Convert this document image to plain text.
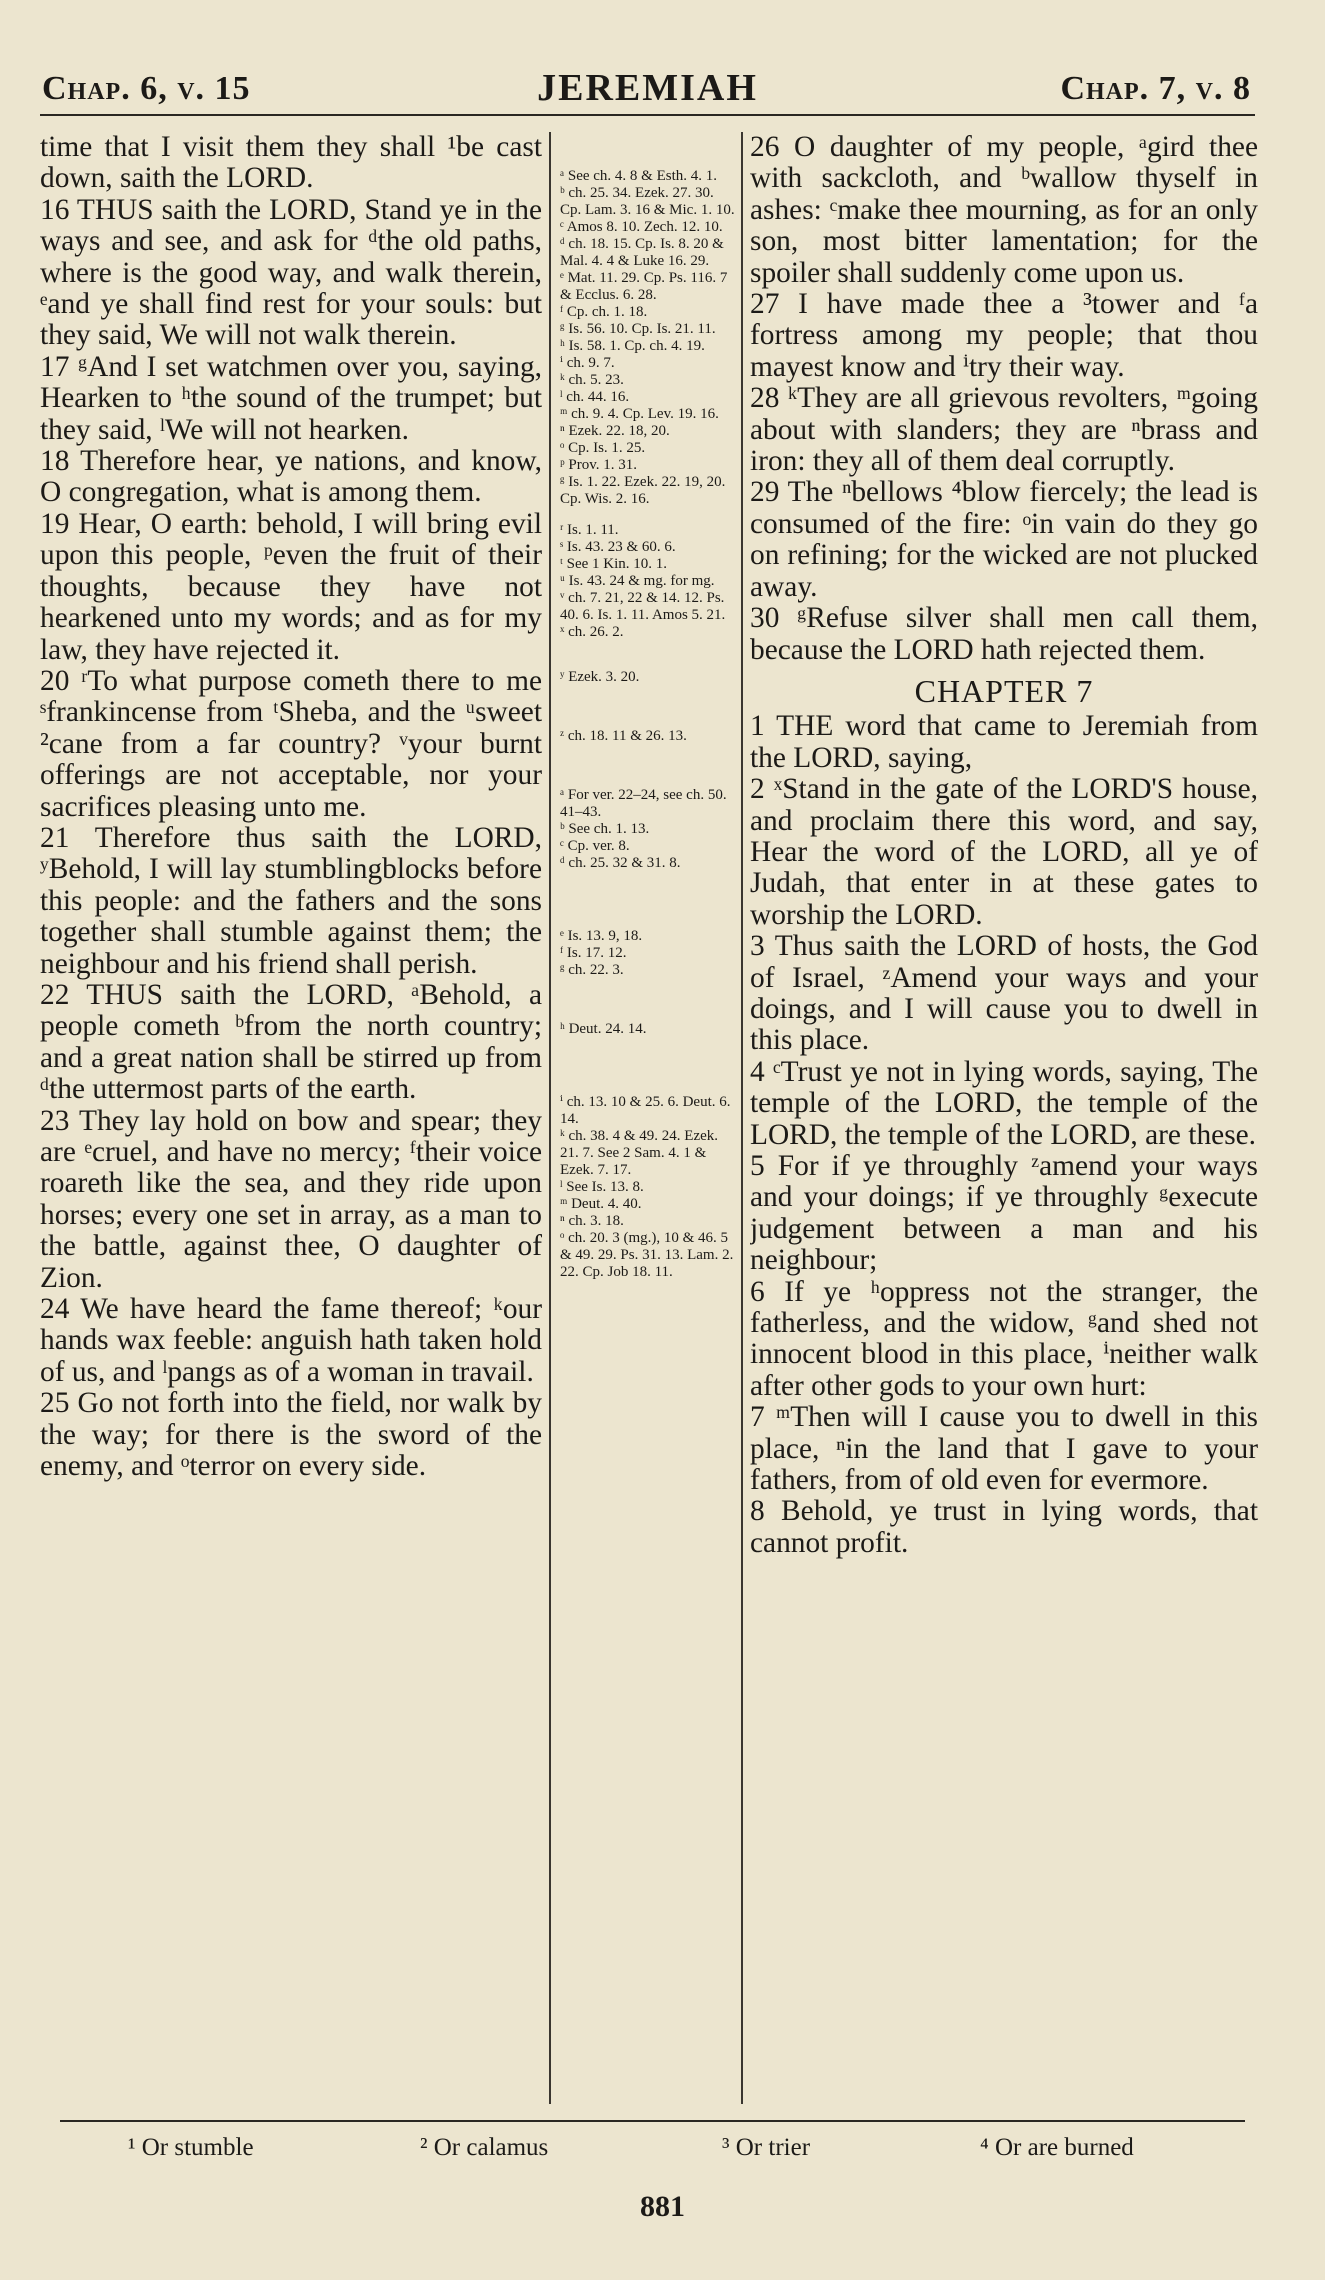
Chap. 6, v. 15	JEREMIAH	Chap. 7, v. 8

time that I visit them they shall ¹be cast down, saith the LORD.

16 THUS saith the LORD, Stand ye in the ways and see, and ask for ᵈthe old paths, where is the good way, and walk therein, ᵉand ye shall find rest for your souls: but they said, We will not walk therein.

17 ᵍAnd I set watchmen over you, saying, Hearken to ʰthe sound of the trumpet; but they said, ˡWe will not hearken.

18 Therefore hear, ye nations, and know, O congregation, what is among them.

19 Hear, O earth: behold, I will bring evil upon this people, ᵖeven the fruit of their thoughts, because they have not hearkened unto my words; and as for my law, they have rejected it.

20 ʳTo what purpose cometh there to me ˢfrankincense from ᵗSheba, and the ᵘsweet ²cane from a far country? ᵛyour burnt offerings are not acceptable, nor your sacrifices pleasing unto me.

21 Therefore thus saith the LORD, ʸBehold, I will lay stumblingblocks before this people: and the fathers and the sons together shall stumble against them; the neighbour and his friend shall perish.

22 THUS saith the LORD, ᵃBehold, a people cometh ᵇfrom the north country; and a great nation shall be stirred up from ᵈthe uttermost parts of the earth.

23 They lay hold on bow and spear; they are ᵉcruel, and have no mercy; ᶠtheir voice roareth like the sea, and they ride upon horses; every one set in array, as a man to the battle, against thee, O daughter of Zion.

24 We have heard the fame thereof; ᵏour hands wax feeble: anguish hath taken hold of us, and ˡpangs as of a woman in travail.

25 Go not forth into the field, nor walk by the way; for there is the sword of the enemy, and ᵒterror on every side.

ᵃ See ch. 4. 8 & Esth. 4. 1.
ᵇ ch. 25. 34. Ezek. 27. 30. Cp. Lam. 3. 16 & Mic. 1. 10.
ᶜ Amos 8. 10. Zech. 12. 10.
ᵈ ch. 18. 15. Cp. Is. 8. 20 & Mal. 4. 4 & Luke 16. 29.
ᵉ Mat. 11. 29. Cp. Ps. 116. 7 & Ecclus. 6. 28.
ᶠ Cp. ch. 1. 18.
ᵍ Is. 56. 10. Cp. Is. 21. 11.
ʰ Is. 58. 1. Cp. ch. 4. 19.
ⁱ ch. 9. 7.
ᵏ ch. 5. 23.
ˡ ch. 44. 16.
ᵐ ch. 9. 4. Cp. Lev. 19. 16.
ⁿ Ezek. 22. 18, 20.
ᵒ Cp. Is. 1. 25.
ᵖ Prov. 1. 31.
ᵍ Is. 1. 22. Ezek. 22. 19, 20. Cp. Wis. 2. 16.
ʳ Is. 1. 11.
ˢ Is. 43. 23 & 60. 6.
ᵗ See 1 Kin. 10. 1.
ᵘ Is. 43. 24 & mg. for mg.
ᵛ ch. 7. 21, 22 & 14. 12. Ps. 40. 6. Is. 1. 11. Amos 5. 21.
ˣ ch. 26. 2.
ʸ Ezek. 3. 20.
ᶻ ch. 18. 11 & 26. 13.
ᵃ For ver. 22–24, see ch. 50. 41–43.
ᵇ See ch. 1. 13.
ᶜ Cp. ver. 8.
ᵈ ch. 25. 32 & 31. 8.
ᵉ Is. 13. 9, 18.
ᶠ Is. 17. 12.
ᵍ ch. 22. 3.
ʰ Deut. 24. 14.
ⁱ ch. 13. 10 & 25. 6. Deut. 6. 14.
ᵏ ch. 38. 4 & 49. 24. Ezek. 21. 7. See 2 Sam. 4. 1 & Ezek. 7. 17.
ˡ See Is. 13. 8.
ᵐ Deut. 4. 40.
ⁿ ch. 3. 18.
ᵒ ch. 20. 3 (mg.), 10 & 46. 5 & 49. 29. Ps. 31. 13. Lam. 2. 22. Cp. Job 18. 11.

26 O daughter of my people, ᵃgird thee with sackcloth, and ᵇwallow thyself in ashes: ᶜmake thee mourning, as for an only son, most bitter lamentation; for the spoiler shall suddenly come upon us.

27 I have made thee a ³tower and ᶠa fortress among my people; that thou mayest know and ⁱtry their way.

28 ᵏThey are all grievous revolters, ᵐgoing about with slanders; they are ⁿbrass and iron: they all of them deal corruptly.

29 The ⁿbellows ⁴blow fiercely; the lead is consumed of the fire: ᵒin vain do they go on refining; for the wicked are not plucked away.

30 ᵍRefuse silver shall men call them, because the LORD hath rejected them.

CHAPTER 7

1 THE word that came to Jeremiah from the LORD, saying,

2 ˣStand in the gate of the LORD'S house, and proclaim there this word, and say, Hear the word of the LORD, all ye of Judah, that enter in at these gates to worship the LORD.

3 Thus saith the LORD of hosts, the God of Israel, ᶻAmend your ways and your doings, and I will cause you to dwell in this place.

4 ᶜTrust ye not in lying words, saying, The temple of the LORD, the temple of the LORD, the temple of the LORD, are these.

5 For if ye throughly ᶻamend your ways and your doings; if ye throughly ᵍexecute judgement between a man and his neighbour;

6 If ye ʰoppress not the stranger, the fatherless, and the widow, ᵍand shed not innocent blood in this place, ⁱneither walk after other gods to your own hurt:

7 ᵐThen will I cause you to dwell in this place, ⁿin the land that I gave to your fathers, from of old even for evermore.

8 Behold, ye trust in lying words, that cannot profit.

¹ Or stumble	² Or calamus	³ Or trier	⁴ Or are burned
881
